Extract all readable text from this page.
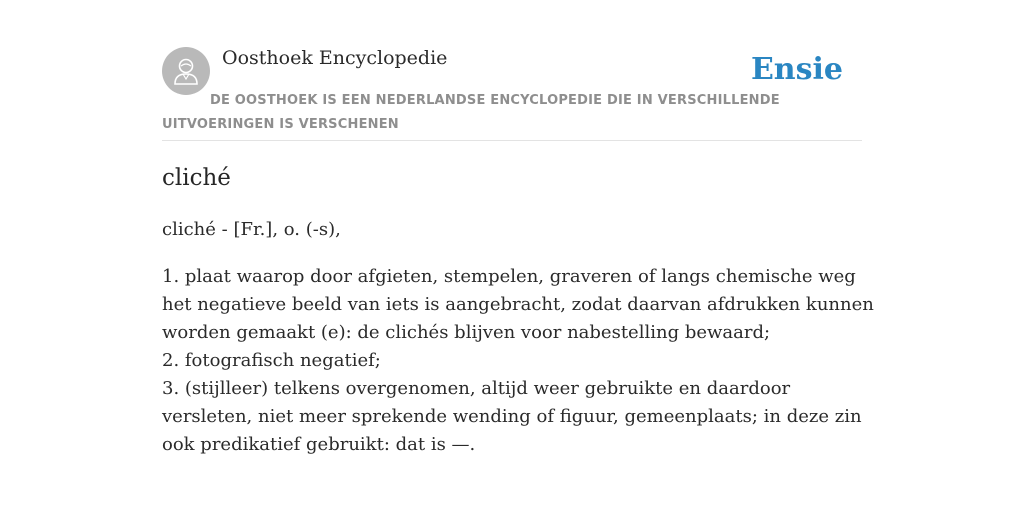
Oosthoek Encyclopedie	Ensie
DE OOSTHOEK IS EEN NEDERLANDSE ENCYCLOPEDIE DIE IN VERSCHILLENDE UITVOERINGEN IS VERSCHENEN
cliché

cliché - [Fr.], o. (-s),

1. plaat waarop door afgieten, stempelen, graveren of langs chemische weg het negatieve beeld van iets is aangebracht, zodat daarvan afdrukken kunnen worden gemaakt (e): de clichés blijven voor nabestelling bewaard;
2. fotografisch negatief;
3. (stijlleer) telkens overgenomen, altijd weer gebruikte en daardoor versleten, niet meer sprekende wending of figuur, gemeenplaats; in deze zin ook predikatief gebruikt: dat is —.
